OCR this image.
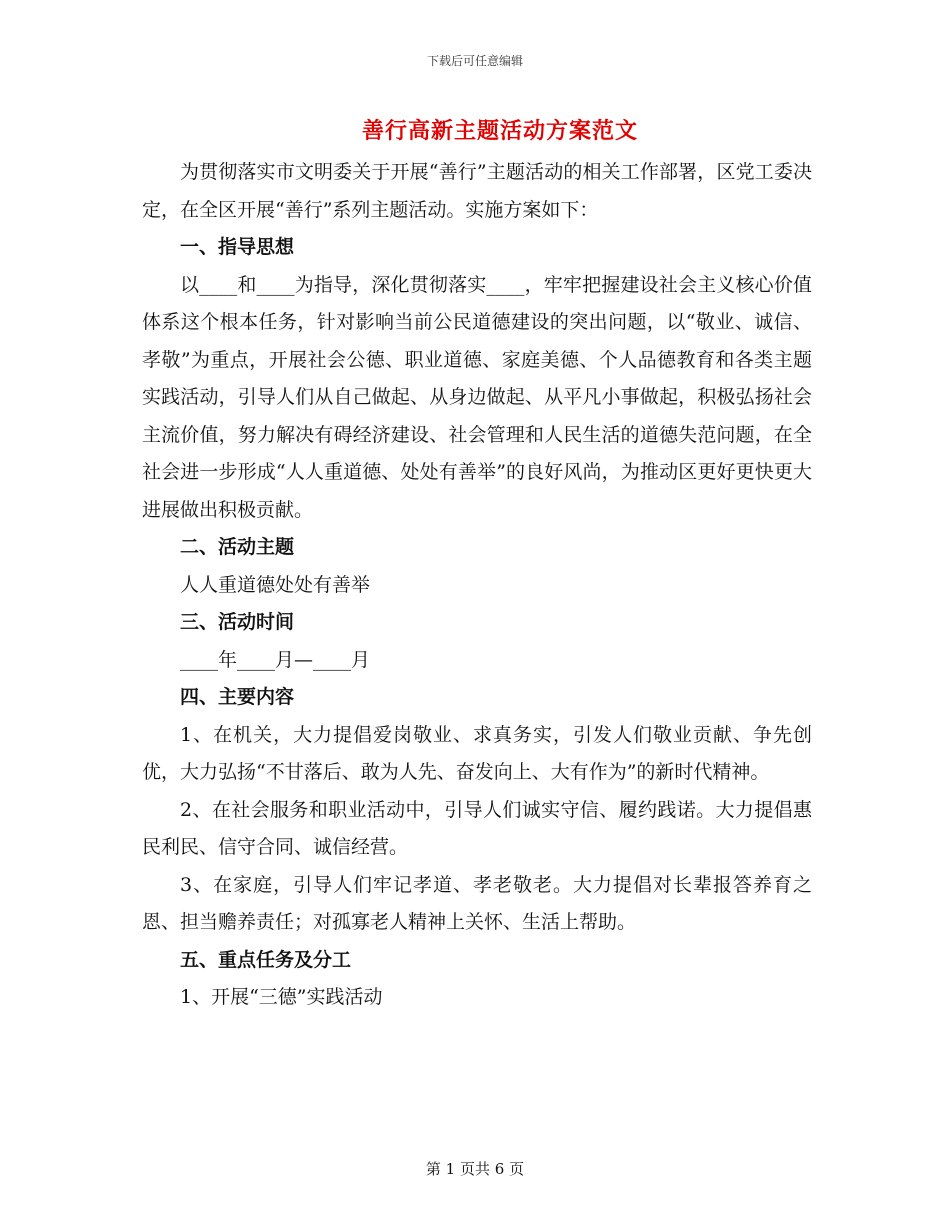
下载后可任意编辑
善行高新主题活动方案范文

为贯彻落实市文明委关于开展“善行”主题活动的相关工作部署，区党工委决定，在全区开展“善行”系列主题活动。实施方案如下：

一、指导思想

以____和____为指导，深化贯彻落实____，牢牢把握建设社会主义核心价值体系这个根本任务，针对影响当前公民道德建设的突出问题，以“敬业、诚信、孝敬”为重点，开展社会公德、职业道德、家庭美德、个人品德教育和各类主题实践活动，引导人们从自己做起、从身边做起、从平凡小事做起，积极弘扬社会主流价值，努力解决有碍经济建设、社会管理和人民生活的道德失范问题，在全社会进一步形成“人人重道德、处处有善举”的良好风尚，为推动区更好更快更大进展做出积极贡献。

二、活动主题

人人重道德处处有善举

三、活动时间

____年____月—____月

四、主要内容

1、在机关，大力提倡爱岗敬业、求真务实，引发人们敬业贡献、争先创优，大力弘扬“不甘落后、敢为人先、奋发向上、大有作为”的新时代精神。

2、在社会服务和职业活动中，引导人们诚实守信、履约践诺。大力提倡惠民利民、信守合同、诚信经营。

3、在家庭，引导人们牢记孝道、孝老敬老。大力提倡对长辈报答养育之恩、担当赡养责任；对孤寡老人精神上关怀、生活上帮助。

五、重点任务及分工

1、开展“三德”实践活动

第 1 页共 6 页
